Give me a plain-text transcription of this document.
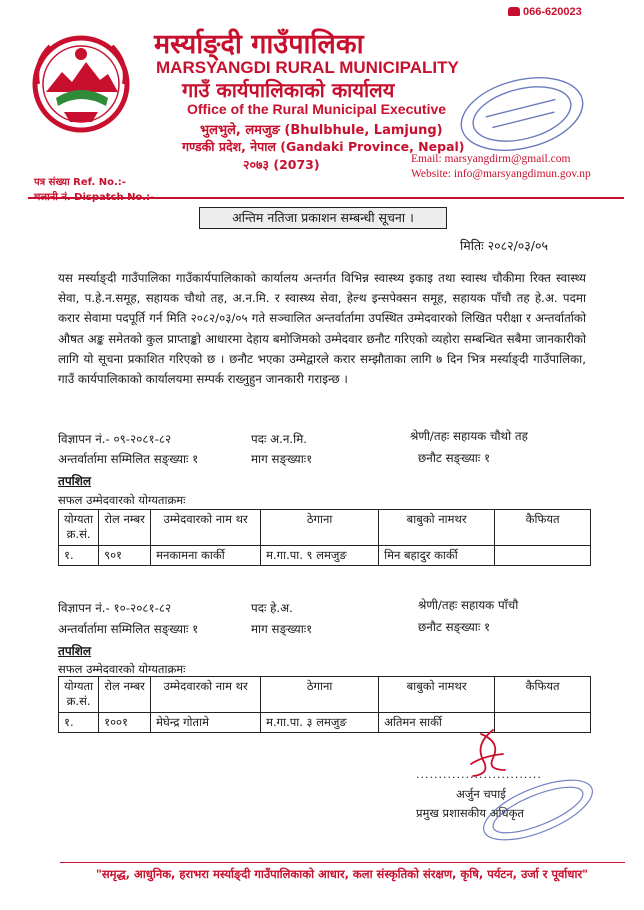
066-620023
मर्स्याङ्दी गाउँपालिका
MARSYANGDI RURAL MUNICIPALITY
गाउँ कार्यपालिकाको कार्यालय
Office of the Rural Municipal Executive
भुलभुले, लमजुङ (Bhulbhule, Lamjung)
गण्डकी प्रदेश, नेपाल (Gandaki Province, Nepal)
२०७३ (2073)	Email: marsyangdirm@gmail.com
Website: info@marsyangdimun.gov.np
पत्र संख्या Ref. No.:-
चलानी नं. Dispatch No.:-
अन्तिम नतिजा प्रकाशन सम्बन्धी सूचना ।
मितिः २०८२/०३/०५
यस मर्स्याङ्दी गाउँपालिका गाउँकार्यपालिकाको कार्यालय अन्तर्गत विभिन्न स्वास्थ्य इकाइ तथा स्वास्थ चौकीमा रिक्त स्वास्थ्य सेवा, प.हे.न.समूह, सहायक चौथो तह, अ.न.मि. र स्वास्थ्य सेवा, हेल्थ इन्सपेक्सन समूह, सहायक पाँचौ तह हे.अ. पदमा करार सेवामा पदपूर्ति गर्न मिति २०८२/०३/०५ गते सञ्चालित अन्तर्वार्तामा उपस्थित उम्मेदवारको लिखित परीक्षा र अन्तर्वार्ताको औषत अङ्क समेतको कुल प्राप्ताङ्को आधारमा देहाय बमोजिमको उम्मेदवार छनौट गरिएको व्यहोरा सम्बन्धित सबैमा जानकारीको लागि यो सूचना प्रकाशित गरिएको छ । छनौट भएका उम्मेद्वारले करार सम्झौताका लागि ७ दिन भित्र मर्स्याङ्दी गाउँपालिका, गाउँ कार्यपालिकाको कार्यालयमा सम्पर्क राख्नुहुन जानकारी गराइन्छ ।
विज्ञापन नं.- ०९-२०८१-८२	पदः अ.न.मि.	श्रेणी/तहः सहायक चौथो तह
अन्तर्वार्तामा सम्मिलित सङ्ख्याः १	माग सङ्ख्याः१	छनौट सङ्ख्याः १
तपशिल
सफल उम्मेदवारको योग्यताक्रमः
योग्यता क्र.सं.	रोल नम्बर	उम्मेदवारको नाम थर	ठेगाना	बाबुको नामथर	कैफियत
१.	९०१	मनकामना कार्की	म.गा.पा. ९ लमजुङ	मिन बहादुर कार्की	
विज्ञापन नं.- १०-२०८१-८२	पदः हे.अ.	श्रेणी/तहः सहायक पाँचौ
अन्तर्वार्तामा सम्मिलित सङ्ख्याः १	माग सङ्ख्याः१	छनौट सङ्ख्याः १
तपशिल
सफल उम्मेदवारको योग्यताक्रमः
योग्यता क्र.सं.	रोल नम्बर	उम्मेदवारको नाम थर	ठेगाना	बाबुको नामथर	कैफियत
१.	१००१	मेघेन्द्र गोतामे	म.गा.पा. ३ लमजुङ	अतिमन सार्की	
............................
अर्जुन चपाई
प्रमुख प्रशासकीय अधिकृत
"समृद्ध, आधुनिक, हराभरा मर्स्याङ्दी गाउँपालिकाको आधार, कला संस्कृतिको संरक्षण, कृषि, पर्यटन, उर्जा र पूर्वाधार"
